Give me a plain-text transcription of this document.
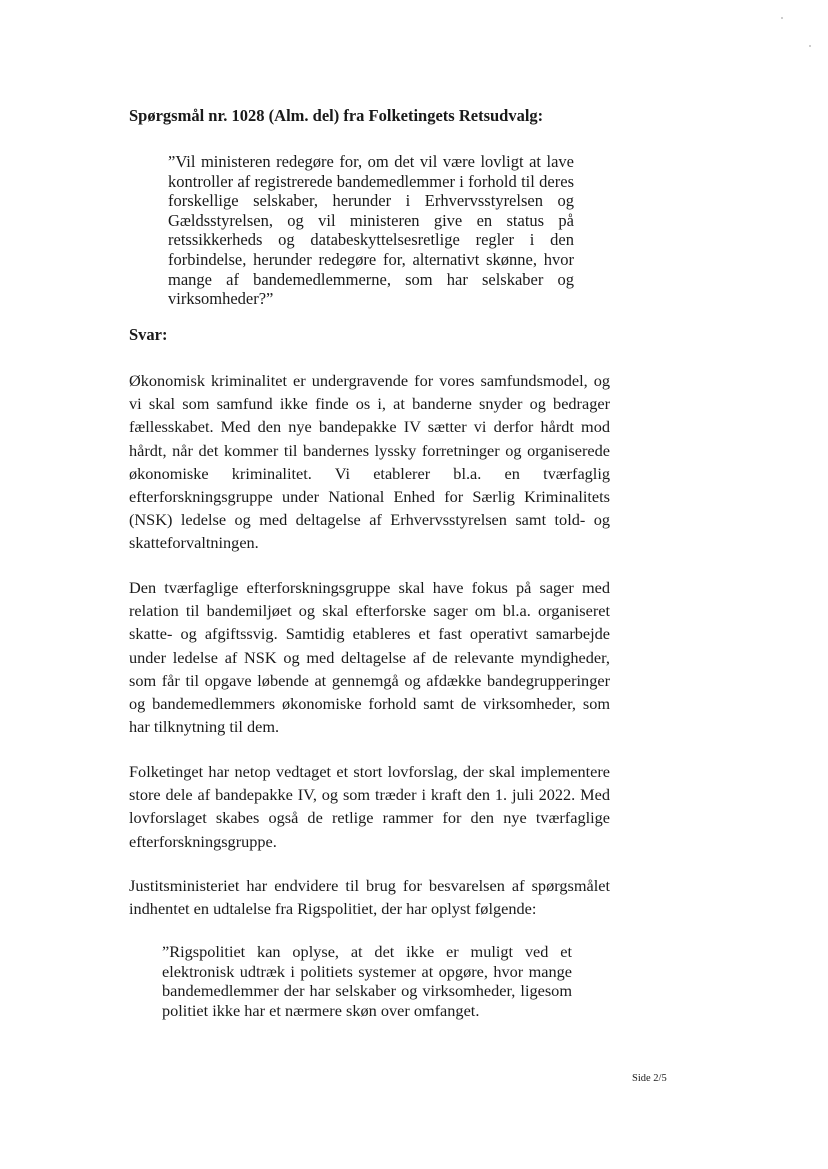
Spørgsmål nr. 1028 (Alm. del) fra Folketingets Retsudvalg:

”Vil ministeren redegøre for, om det vil være lovligt at lave kontroller af registrerede bandemedlemmer i forhold til deres forskellige selskaber, herunder i Erhvervsstyrelsen og Gældsstyrelsen, og vil ministeren give en status på retssikkerheds og databeskyttelsesretlige regler i den forbindelse, herunder redegøre for, alternativt skønne, hvor mange af bandemedlemmerne, som har selskaber og virksomheder?”

Svar:

Økonomisk kriminalitet er undergravende for vores samfundsmodel, og vi skal som samfund ikke finde os i, at banderne snyder og bedrager fællesskabet. Med den nye bandepakke IV sætter vi derfor hårdt mod hårdt, når det kommer til bandernes lyssky forretninger og organiserede økonomiske kriminalitet. Vi etablerer bl.a. en tværfaglig efterforskningsgruppe under National Enhed for Særlig Kriminalitets (NSK) ledelse og med deltagelse af Erhvervsstyrelsen samt told- og skatteforvaltningen.

Den tværfaglige efterforskningsgruppe skal have fokus på sager med relation til bandemiljøet og skal efterforske sager om bl.a. organiseret skatte- og afgiftssvig. Samtidig etableres et fast operativt samarbejde under ledelse af NSK og med deltagelse af de relevante myndigheder, som får til opgave løbende at gennemgå og afdække bandegrupperinger og bandemedlemmers økonomiske forhold samt de virksomheder, som har tilknytning til dem.

Folketinget har netop vedtaget et stort lovforslag, der skal implementere store dele af bandepakke IV, og som træder i kraft den 1. juli 2022. Med lovforslaget skabes også de retlige rammer for den nye tværfaglige efterforskningsgruppe.

Justitsministeriet har endvidere til brug for besvarelsen af spørgsmålet indhentet en udtalelse fra Rigspolitiet, der har oplyst følgende:

”Rigspolitiet kan oplyse, at det ikke er muligt ved et elektronisk udtræk i politiets systemer at opgøre, hvor mange bandemedlemmer der har selskaber og virksomheder, ligesom politiet ikke har et nærmere skøn over omfanget.

Side 2/5
